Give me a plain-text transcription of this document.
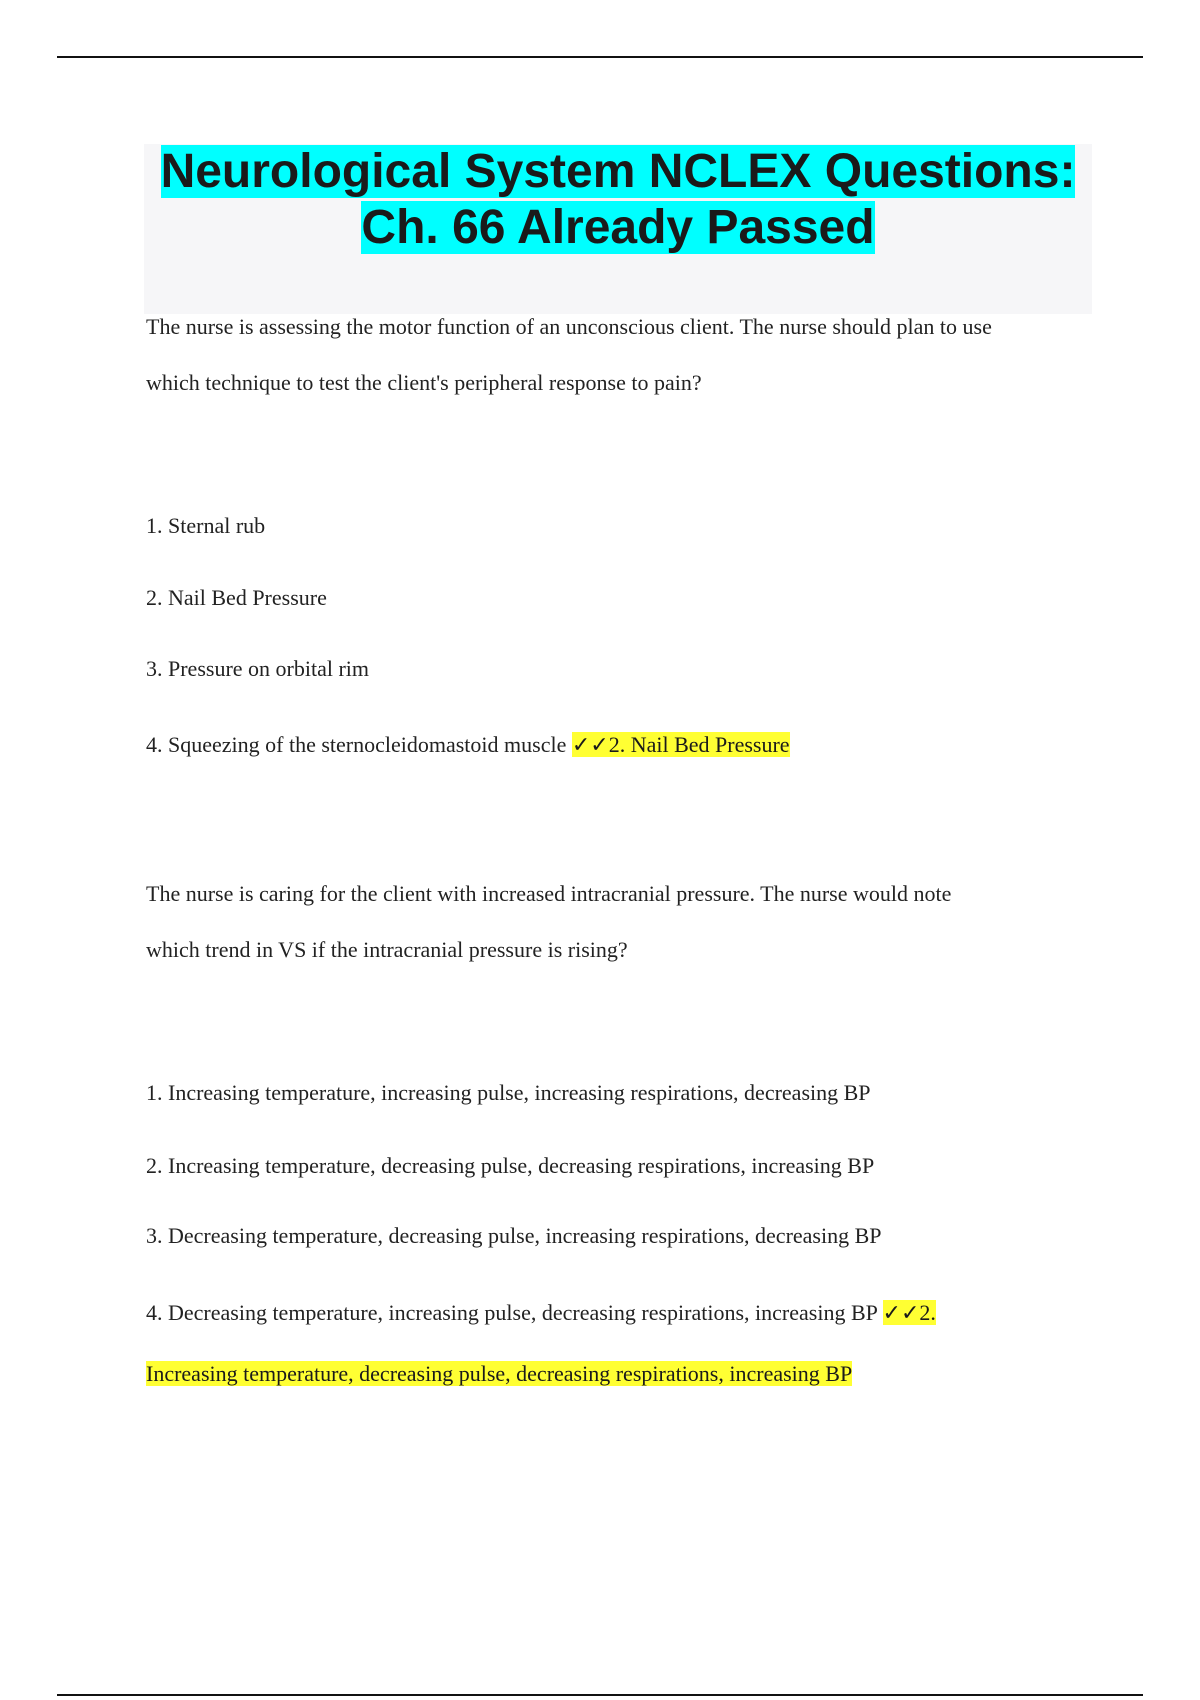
Neurological System NCLEX Questions:
Ch. 66 Already Passed

The nurse is assessing the motor function of an unconscious client. The nurse should plan to use

which technique to test the client's peripheral response to pain?

1. Sternal rub

2. Nail Bed Pressure

3. Pressure on orbital rim

4. Squeezing of the sternocleidomastoid muscle ✓✓2. Nail Bed Pressure

The nurse is caring for the client with increased intracranial pressure. The nurse would note

which trend in VS if the intracranial pressure is rising?

1. Increasing temperature, increasing pulse, increasing respirations, decreasing BP

2. Increasing temperature, decreasing pulse, decreasing respirations, increasing BP

3. Decreasing temperature, decreasing pulse, increasing respirations, decreasing BP

4. Decreasing temperature, increasing pulse, decreasing respirations, increasing BP ✓✓2.

Increasing temperature, decreasing pulse, decreasing respirations, increasing BP
